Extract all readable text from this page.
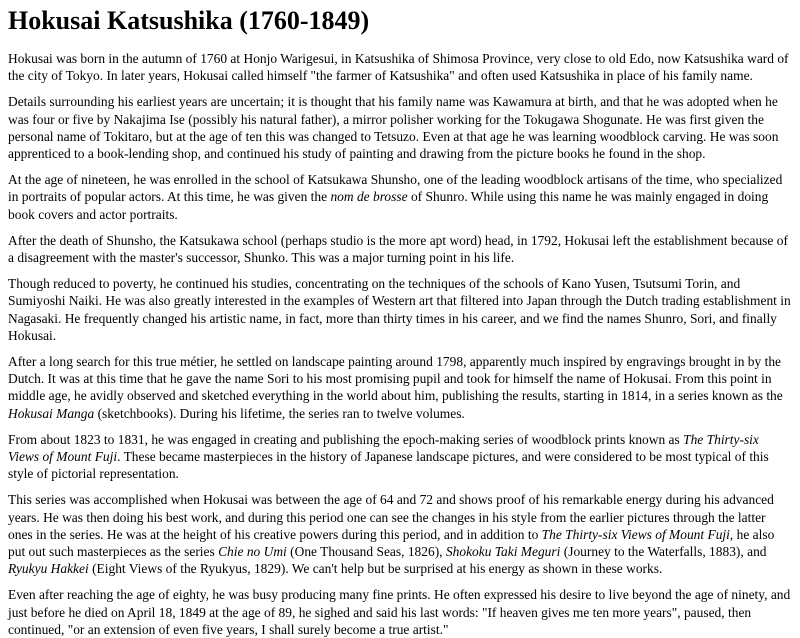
Hokusai Katsushika (1760-1849)

Hokusai was born in the autumn of 1760 at Honjo Warigesui, in Katsushika of Shimosa Province, very close to old Edo, now Katsushika ward of the city of Tokyo. In later years, Hokusai called himself "the farmer of Katsushika" and often used Katsushika in place of his family name.

Details surrounding his earliest years are uncertain; it is thought that his family name was Kawamura at birth, and that he was adopted when he was four or five by Nakajima Ise (possibly his natural father), a mirror polisher working for the Tokugawa Shogunate. He was first given the personal name of Tokitaro, but at the age of ten this was changed to Tetsuzo. Even at that age he was learning woodblock carving. He was soon apprenticed to a book-lending shop, and continued his study of painting and drawing from the picture books he found in the shop.

At the age of nineteen, he was enrolled in the school of Katsukawa Shunsho, one of the leading woodblock artisans of the time, who specialized in portraits of popular actors. At this time, he was given the nom de brosse of Shunro. While using this name he was mainly engaged in doing book covers and actor portraits.

After the death of Shunsho, the Katsukawa school (perhaps studio is the more apt word) head, in 1792, Hokusai left the establishment because of a disagreement with the master's successor, Shunko. This was a major turning point in his life.

Though reduced to poverty, he continued his studies, concentrating on the techniques of the schools of Kano Yusen, Tsutsumi Torin, and Sumiyoshi Naiki. He was also greatly interested in the examples of Western art that filtered into Japan through the Dutch trading establishment in Nagasaki. He frequently changed his artistic name, in fact, more than thirty times in his career, and we find the names Shunro, Sori, and finally Hokusai.

After a long search for this true métier, he settled on landscape painting around 1798, apparently much inspired by engravings brought in by the Dutch. It was at this time that he gave the name Sori to his most promising pupil and took for himself the name of Hokusai. From this point in middle age, he avidly observed and sketched everything in the world about him, publishing the results, starting in 1814, in a series known as the Hokusai Manga (sketchbooks). During his lifetime, the series ran to twelve volumes.

From about 1823 to 1831, he was engaged in creating and publishing the epoch-making series of woodblock prints known as The Thirty-six Views of Mount Fuji. These became masterpieces in the history of Japanese landscape pictures, and were considered to be most typical of this style of pictorial representation.

This series was accomplished when Hokusai was between the age of 64 and 72 and shows proof of his remarkable energy during his advanced years. He was then doing his best work, and during this period one can see the changes in his style from the earlier pictures through the latter ones in the series. He was at the height of his creative powers during this period, and in addition to The Thirty-six Views of Mount Fuji, he also put out such masterpieces as the series Chie no Umi (One Thousand Seas, 1826), Shokoku Taki Meguri (Journey to the Waterfalls, 1883), and Ryukyu Hakkei (Eight Views of the Ryukyus, 1829). We can't help but be surprised at his energy as shown in these works.

Even after reaching the age of eighty, he was busy producing many fine prints. He often expressed his desire to live beyond the age of ninety, and just before he died on April 18, 1849 at the age of 89, he sighed and said his last words: "If heaven gives me ten more years", paused, then continued, "or an extension of even five years, I shall surely become a true artist."
